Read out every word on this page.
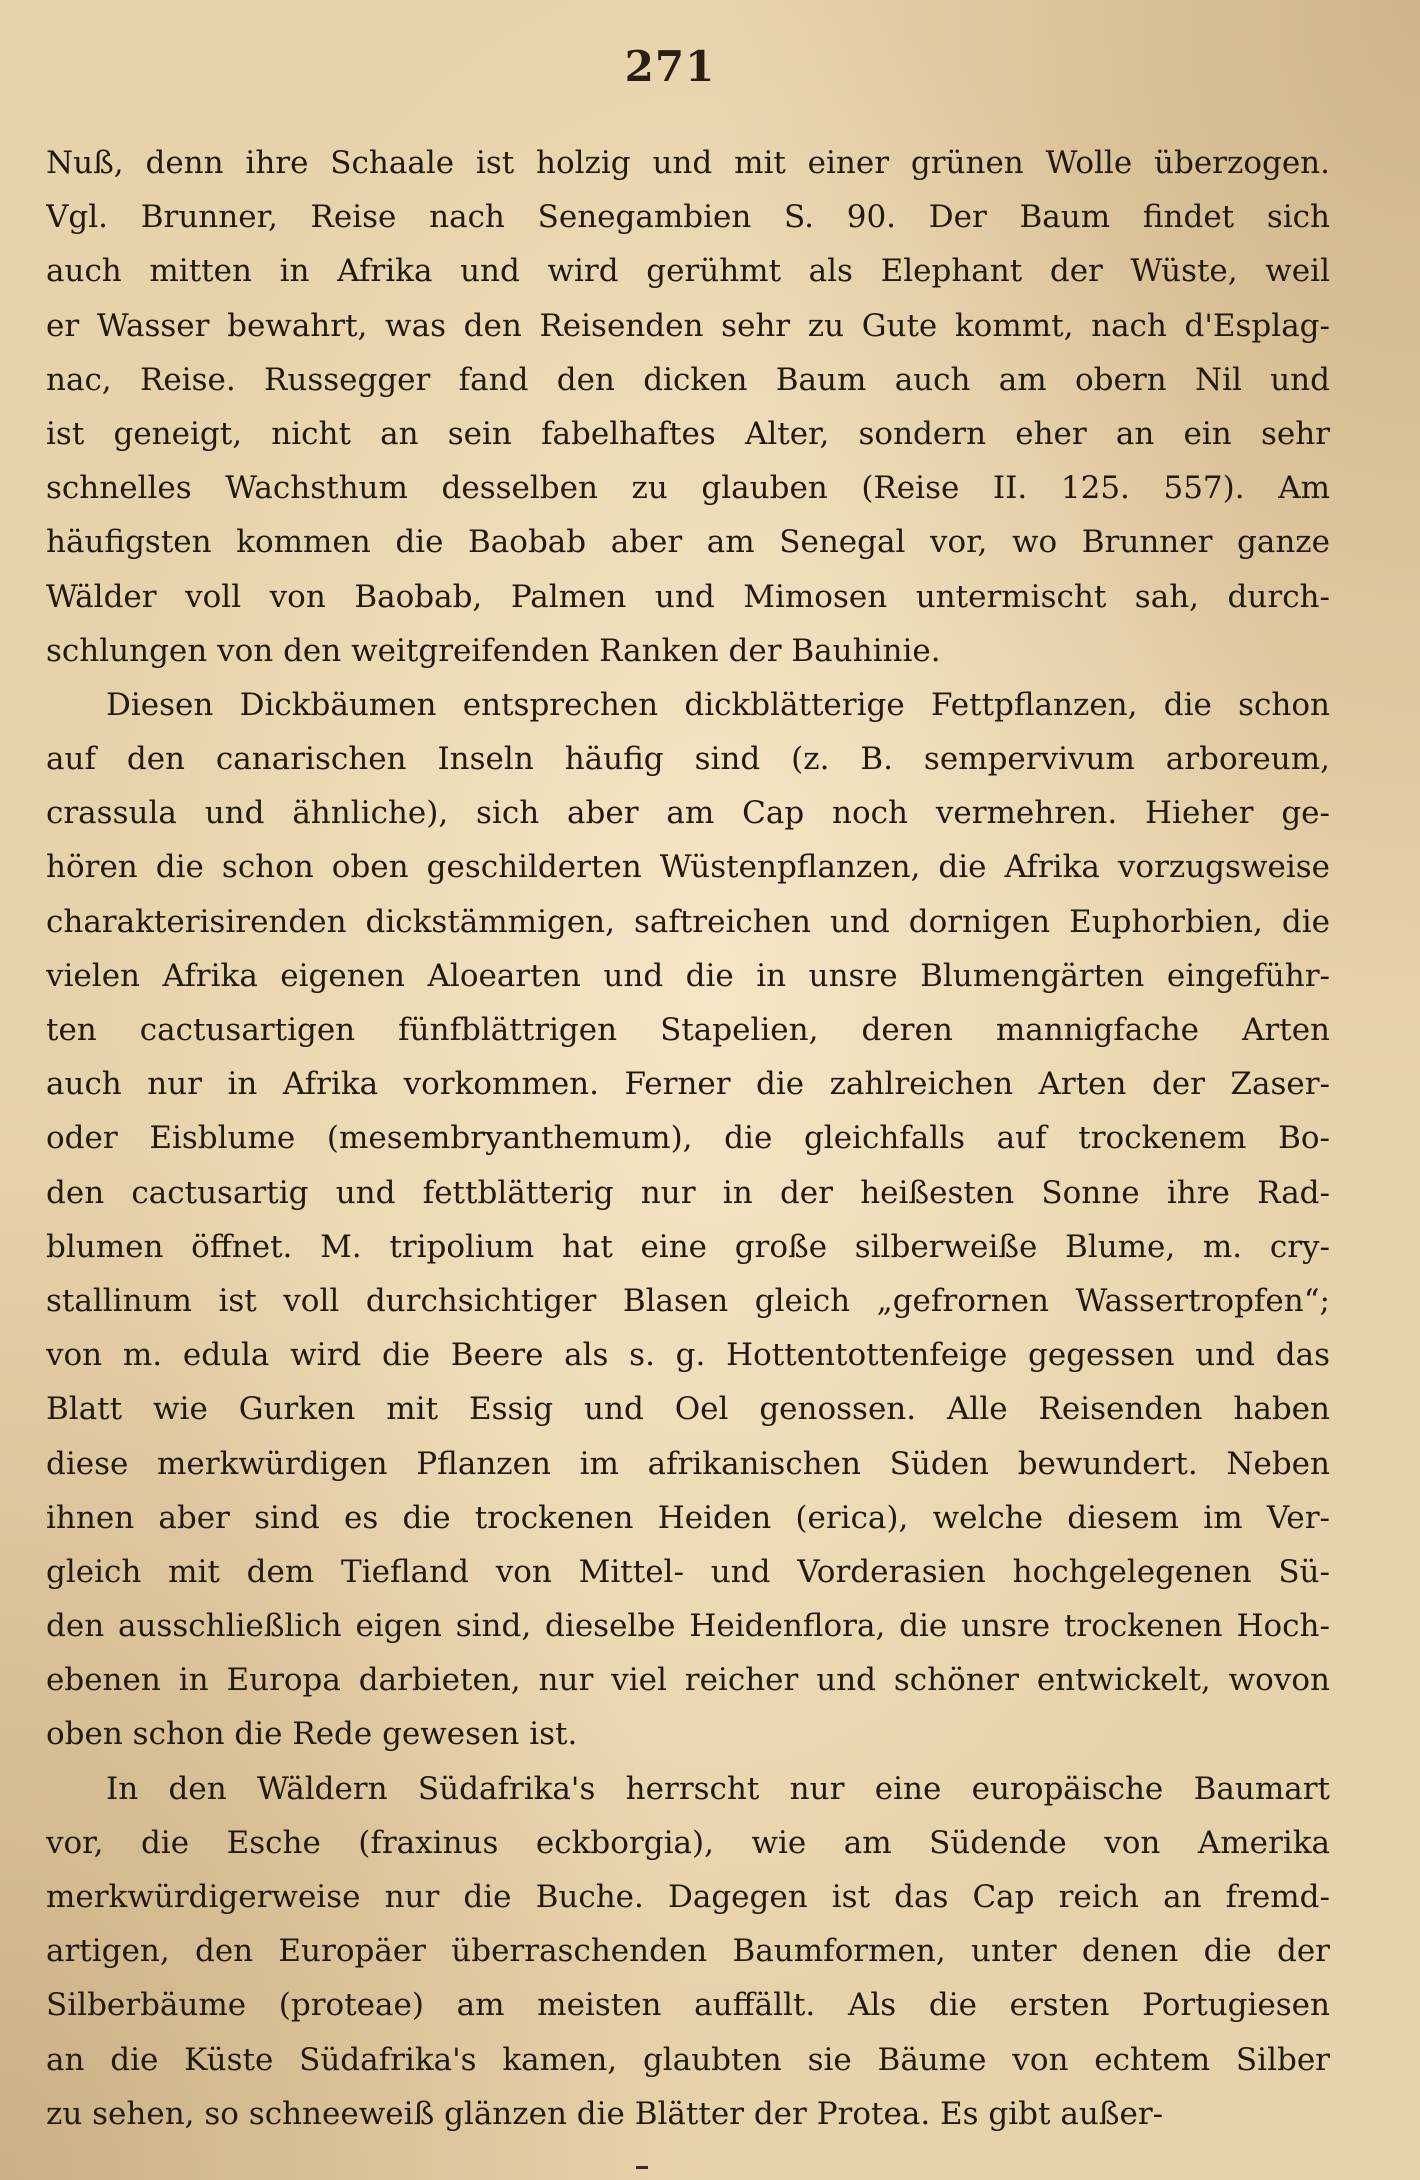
271
Nuß, denn ihre Schaale ist holzig und mit einer grünen Wolle überzogen.
Vgl. Brunner, Reise nach Senegambien S. 90. Der Baum findet sich
auch mitten in Afrika und wird gerühmt als Elephant der Wüste, weil
er Wasser bewahrt, was den Reisenden sehr zu Gute kommt, nach d'Esplag-
nac, Reise. Russegger fand den dicken Baum auch am obern Nil und
ist geneigt, nicht an sein fabelhaftes Alter, sondern eher an ein sehr
schnelles Wachsthum desselben zu glauben (Reise II. 125. 557). Am
häufigsten kommen die Baobab aber am Senegal vor, wo Brunner ganze
Wälder voll von Baobab, Palmen und Mimosen untermischt sah, durch-
schlungen von den weitgreifenden Ranken der Bauhinie.
Diesen Dickbäumen entsprechen dickblätterige Fettpflanzen, die schon
auf den canarischen Inseln häufig sind (z. B. sempervivum arboreum,
crassula und ähnliche), sich aber am Cap noch vermehren. Hieher ge-
hören die schon oben geschilderten Wüstenpflanzen, die Afrika vorzugsweise
charakterisirenden dickstämmigen, saftreichen und dornigen Euphorbien, die
vielen Afrika eigenen Aloearten und die in unsre Blumengärten eingeführ-
ten cactusartigen fünfblättrigen Stapelien, deren mannigfache Arten
auch nur in Afrika vorkommen. Ferner die zahlreichen Arten der Zaser-
oder Eisblume (mesembryanthemum), die gleichfalls auf trockenem Bo-
den cactusartig und fettblätterig nur in der heißesten Sonne ihre Rad-
blumen öffnet. M. tripolium hat eine große silberweiße Blume, m. cry-
stallinum ist voll durchsichtiger Blasen gleich „gefrornen Wassertropfen“;
von m. edula wird die Beere als s. g. Hottentottenfeige gegessen und das
Blatt wie Gurken mit Essig und Oel genossen. Alle Reisenden haben
diese merkwürdigen Pflanzen im afrikanischen Süden bewundert. Neben
ihnen aber sind es die trockenen Heiden (erica), welche diesem im Ver-
gleich mit dem Tiefland von Mittel- und Vorderasien hochgelegenen Sü-
den ausschließlich eigen sind, dieselbe Heidenflora, die unsre trockenen Hoch-
ebenen in Europa darbieten, nur viel reicher und schöner entwickelt, wovon
oben schon die Rede gewesen ist.
In den Wäldern Südafrika's herrscht nur eine europäische Baumart
vor, die Esche (fraxinus eckborgia), wie am Südende von Amerika
merkwürdigerweise nur die Buche. Dagegen ist das Cap reich an fremd-
artigen, den Europäer überraschenden Baumformen, unter denen die der
Silberbäume (proteae) am meisten auffällt. Als die ersten Portugiesen
an die Küste Südafrika's kamen, glaubten sie Bäume von echtem Silber
zu sehen, so schneeweiß glänzen die Blätter der Protea. Es gibt außer-
